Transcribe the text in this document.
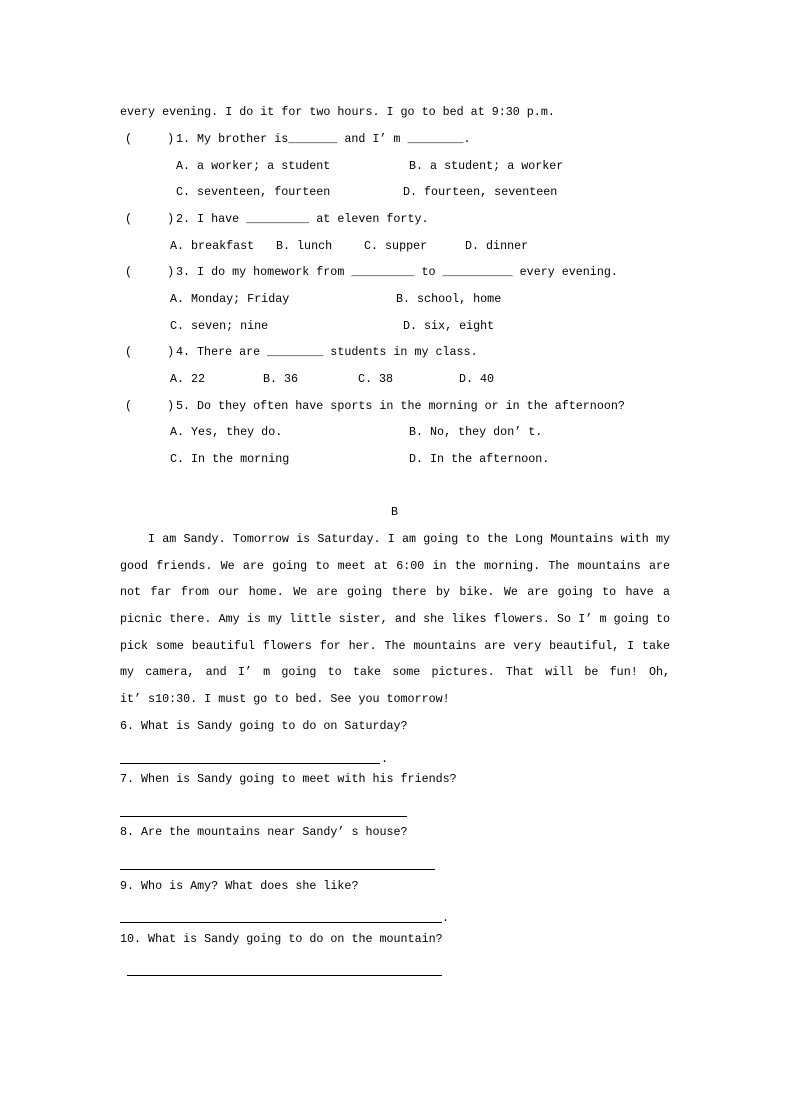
every evening. I do it for two hours. I go to bed at 9:30 p.m.
(     ) 1. My brother is_______ and I’ m ________.
A. a worker; a student	B. a student; a worker
C. seventeen, fourteen	D. fourteen, seventeen
(     ) 2. I have _________ at eleven forty.
A. breakfast B. lunch	C. supper	D. dinner
(     ) 3. I do my homework from _________ to __________ every evening.
A. Monday; Friday	B. school, home
C. seven; nine	D. six, eight
(     ) 4. There are ________ students in my class.
A. 22	B. 36	C. 38	D. 40
(     ) 5. Do they often have sports in the morning or in the afternoon?
A. Yes, they do.	B. No, they don’ t.
C. In the morning	D. In the afternoon.
B
I am Sandy. Tomorrow is Saturday. I am going to the Long Mountains with my
good friends. We are going to meet at 6:00 in the morning. The mountains are
not far from our home. We are going there by bike. We are going to have a
picnic there. Amy is my little sister, and she likes flowers. So I’ m going to
pick some beautiful flowers for her. The mountains are very beautiful, I take
my camera, and I’ m going to take some pictures. That will be fun! Oh,
it’ s10:30. I must go to bed. See you tomorrow!
6. What is Sandy going to do on Saturday?
.
7. When is Sandy going to meet with his friends?
8. Are the mountains near Sandy’ s house?
9. Who is Amy? What does she like?
.
10. What is Sandy going to do on the mountain?
